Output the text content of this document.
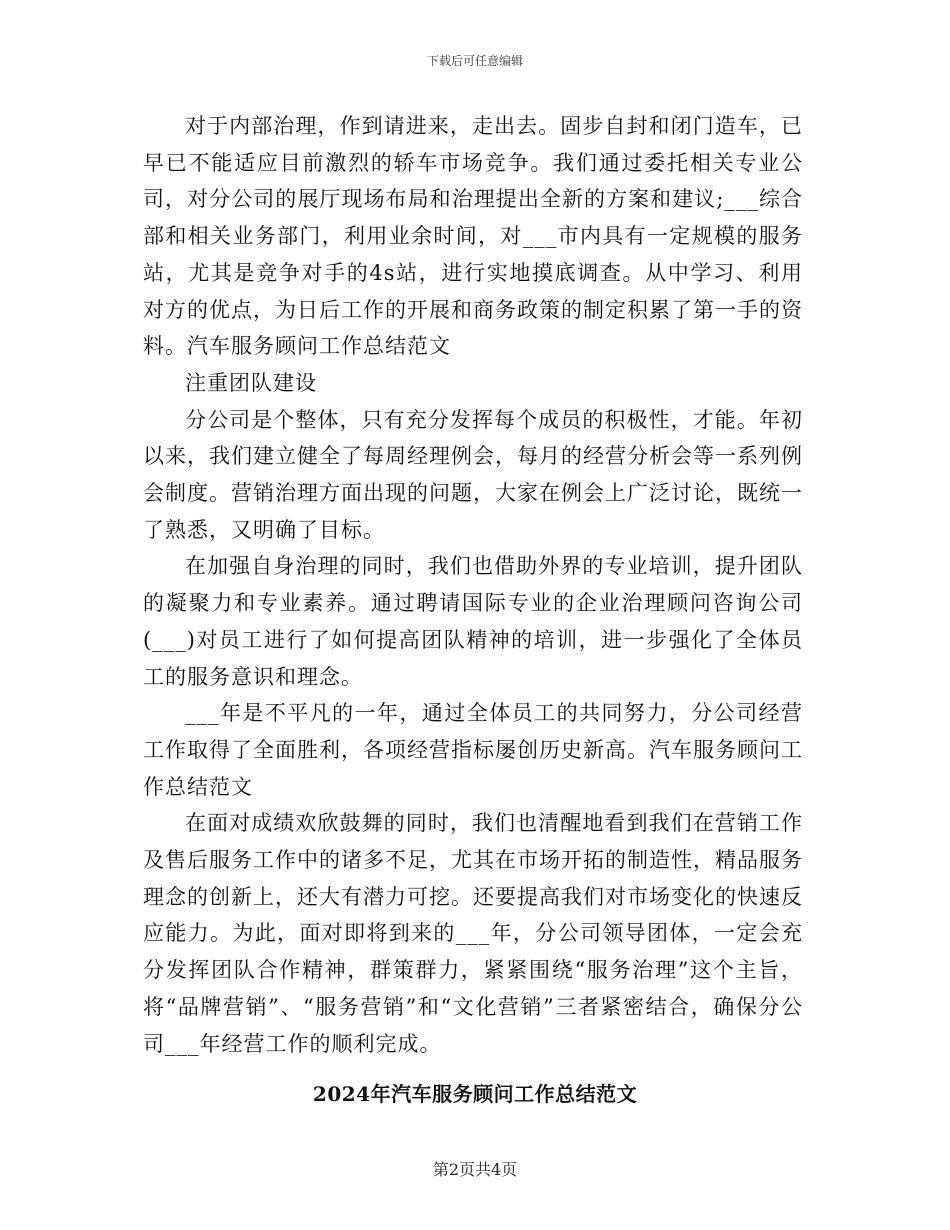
下载后可任意编辑

对于内部治理，作到请进来，走出去。固步自封和闭门造车，已早已不能适应目前激烈的轿车市场竞争。我们通过委托相关专业公司，对分公司的展厅现场布局和治理提出全新的方案和建议;___综合部和相关业务部门，利用业余时间，对___市内具有一定规模的服务站，尤其是竞争对手的4s站，进行实地摸底调查。从中学习、利用对方的优点，为日后工作的开展和商务政策的制定积累了第一手的资料。汽车服务顾问工作总结范文

注重团队建设

分公司是个整体，只有充分发挥每个成员的积极性，才能。年初以来，我们建立健全了每周经理例会，每月的经营分析会等一系列例会制度。营销治理方面出现的问题，大家在例会上广泛讨论，既统一了熟悉，又明确了目标。

在加强自身治理的同时，我们也借助外界的专业培训，提升团队的凝聚力和专业素养。通过聘请国际专业的企业治理顾问咨询公司(___)对员工进行了如何提高团队精神的培训，进一步强化了全体员工的服务意识和理念。

___年是不平凡的一年，通过全体员工的共同努力，分公司经营工作取得了全面胜利，各项经营指标屡创历史新高。汽车服务顾问工作总结范文

在面对成绩欢欣鼓舞的同时，我们也清醒地看到我们在营销工作及售后服务工作中的诸多不足，尤其在市场开拓的制造性，精品服务理念的创新上，还大有潜力可挖。还要提高我们对市场变化的快速反应能力。为此，面对即将到来的___年，分公司领导团体，一定会充分发挥团队合作精神，群策群力，紧紧围绕“服务治理”这个主旨，将“品牌营销”、“服务营销”和“文化营销”三者紧密结合，确保分公司___年经营工作的顺利完成。

2024年汽车服务顾问工作总结范文
第2页共4页
